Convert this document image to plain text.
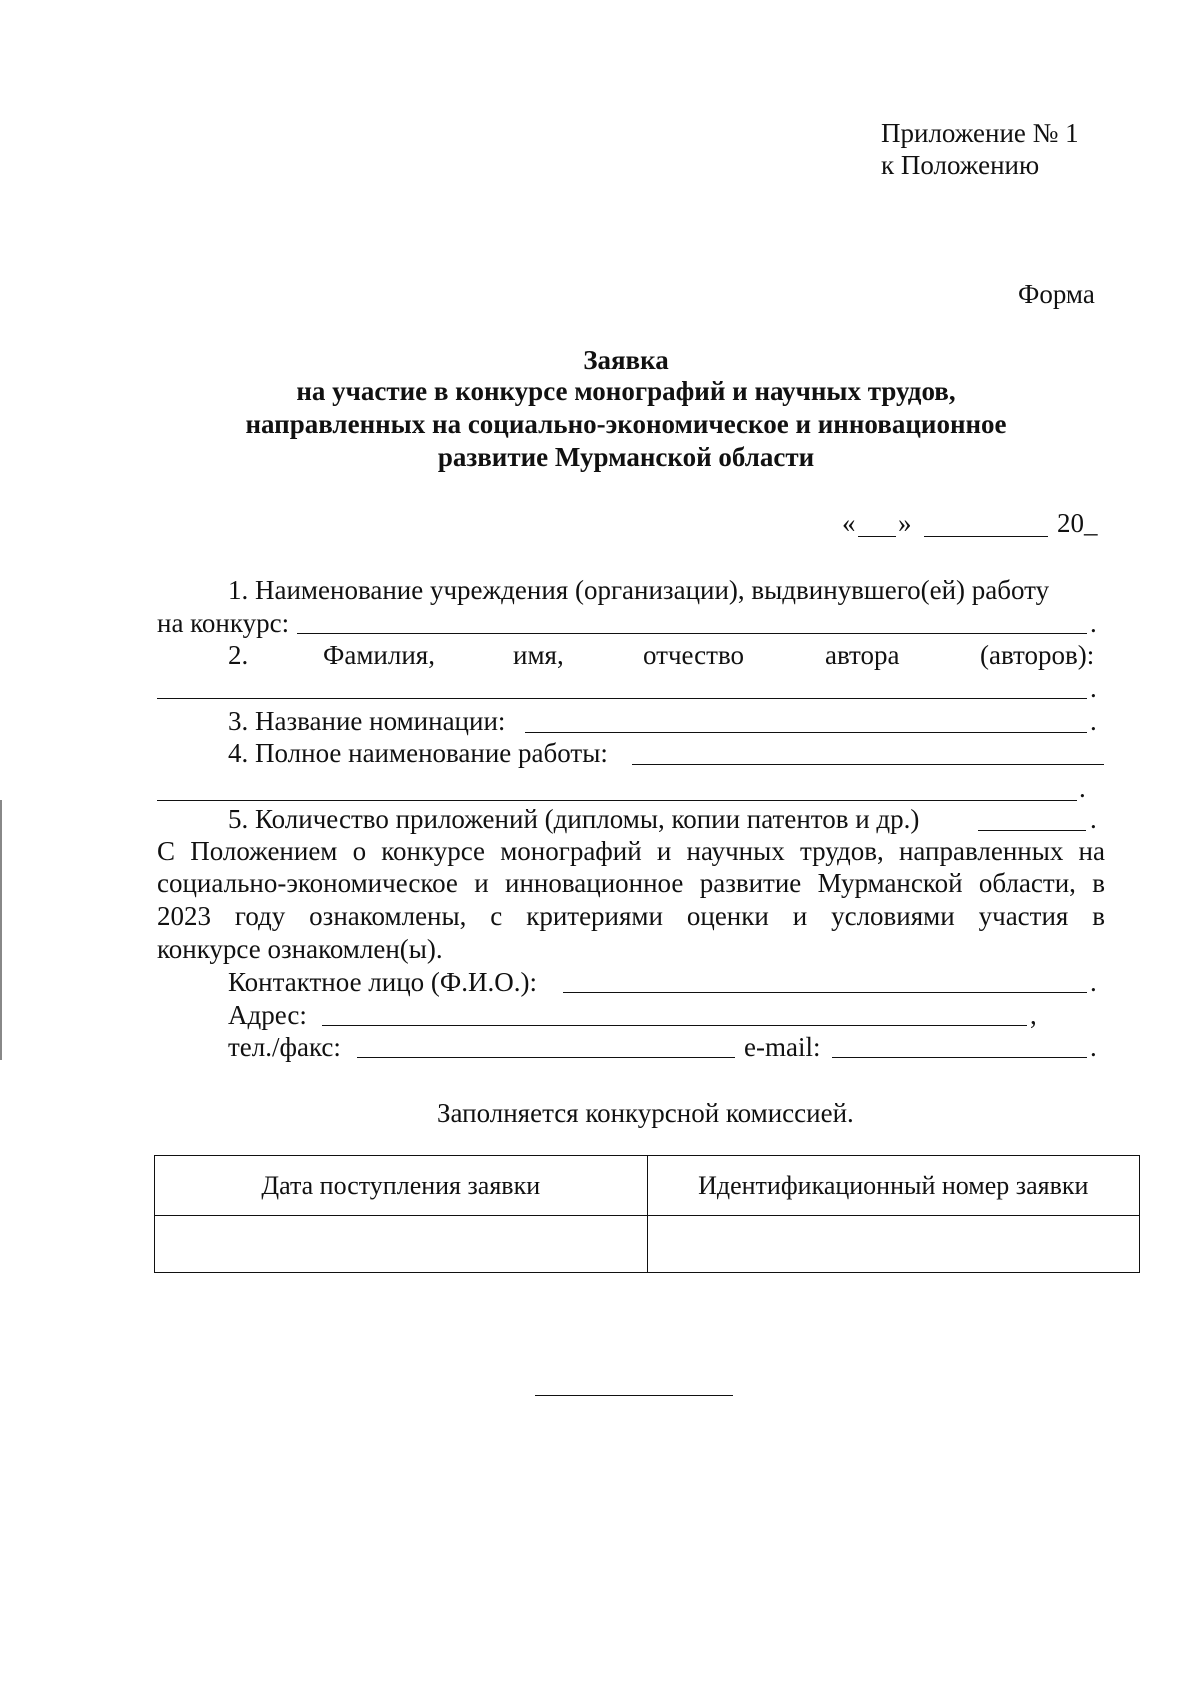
Приложение № 1
к Положению
Форма
Заявка
на участие в конкурсе монографий и научных трудов,
направленных на социально-экономическое и инновационное
развитие Мурманской области
« »	20_
1. Наименование учреждения (организации), выдвинувшего(ей) работу
на конкурс:	.
2.	Фамилия,	имя,	отчество	автора	(авторов):
.
3. Название номинации:	.
4. Полное наименование работы:
.
5. Количество приложений (дипломы, копии патентов и др.)	.
С Положением о конкурсе монографий и научных трудов, направленных на
социально-экономическое и инновационное развитие Мурманской области, в
2023 году ознакомлены, с критериями оценки и условиями участия в
конкурсе ознакомлен(ы).
Контактное лицо (Ф.И.О.):	.
Адрес:	,
тел./факс:	e-mail:	.
Заполняется конкурсной комиссией.
Дата поступления заявки	Идентификационный номер заявки
